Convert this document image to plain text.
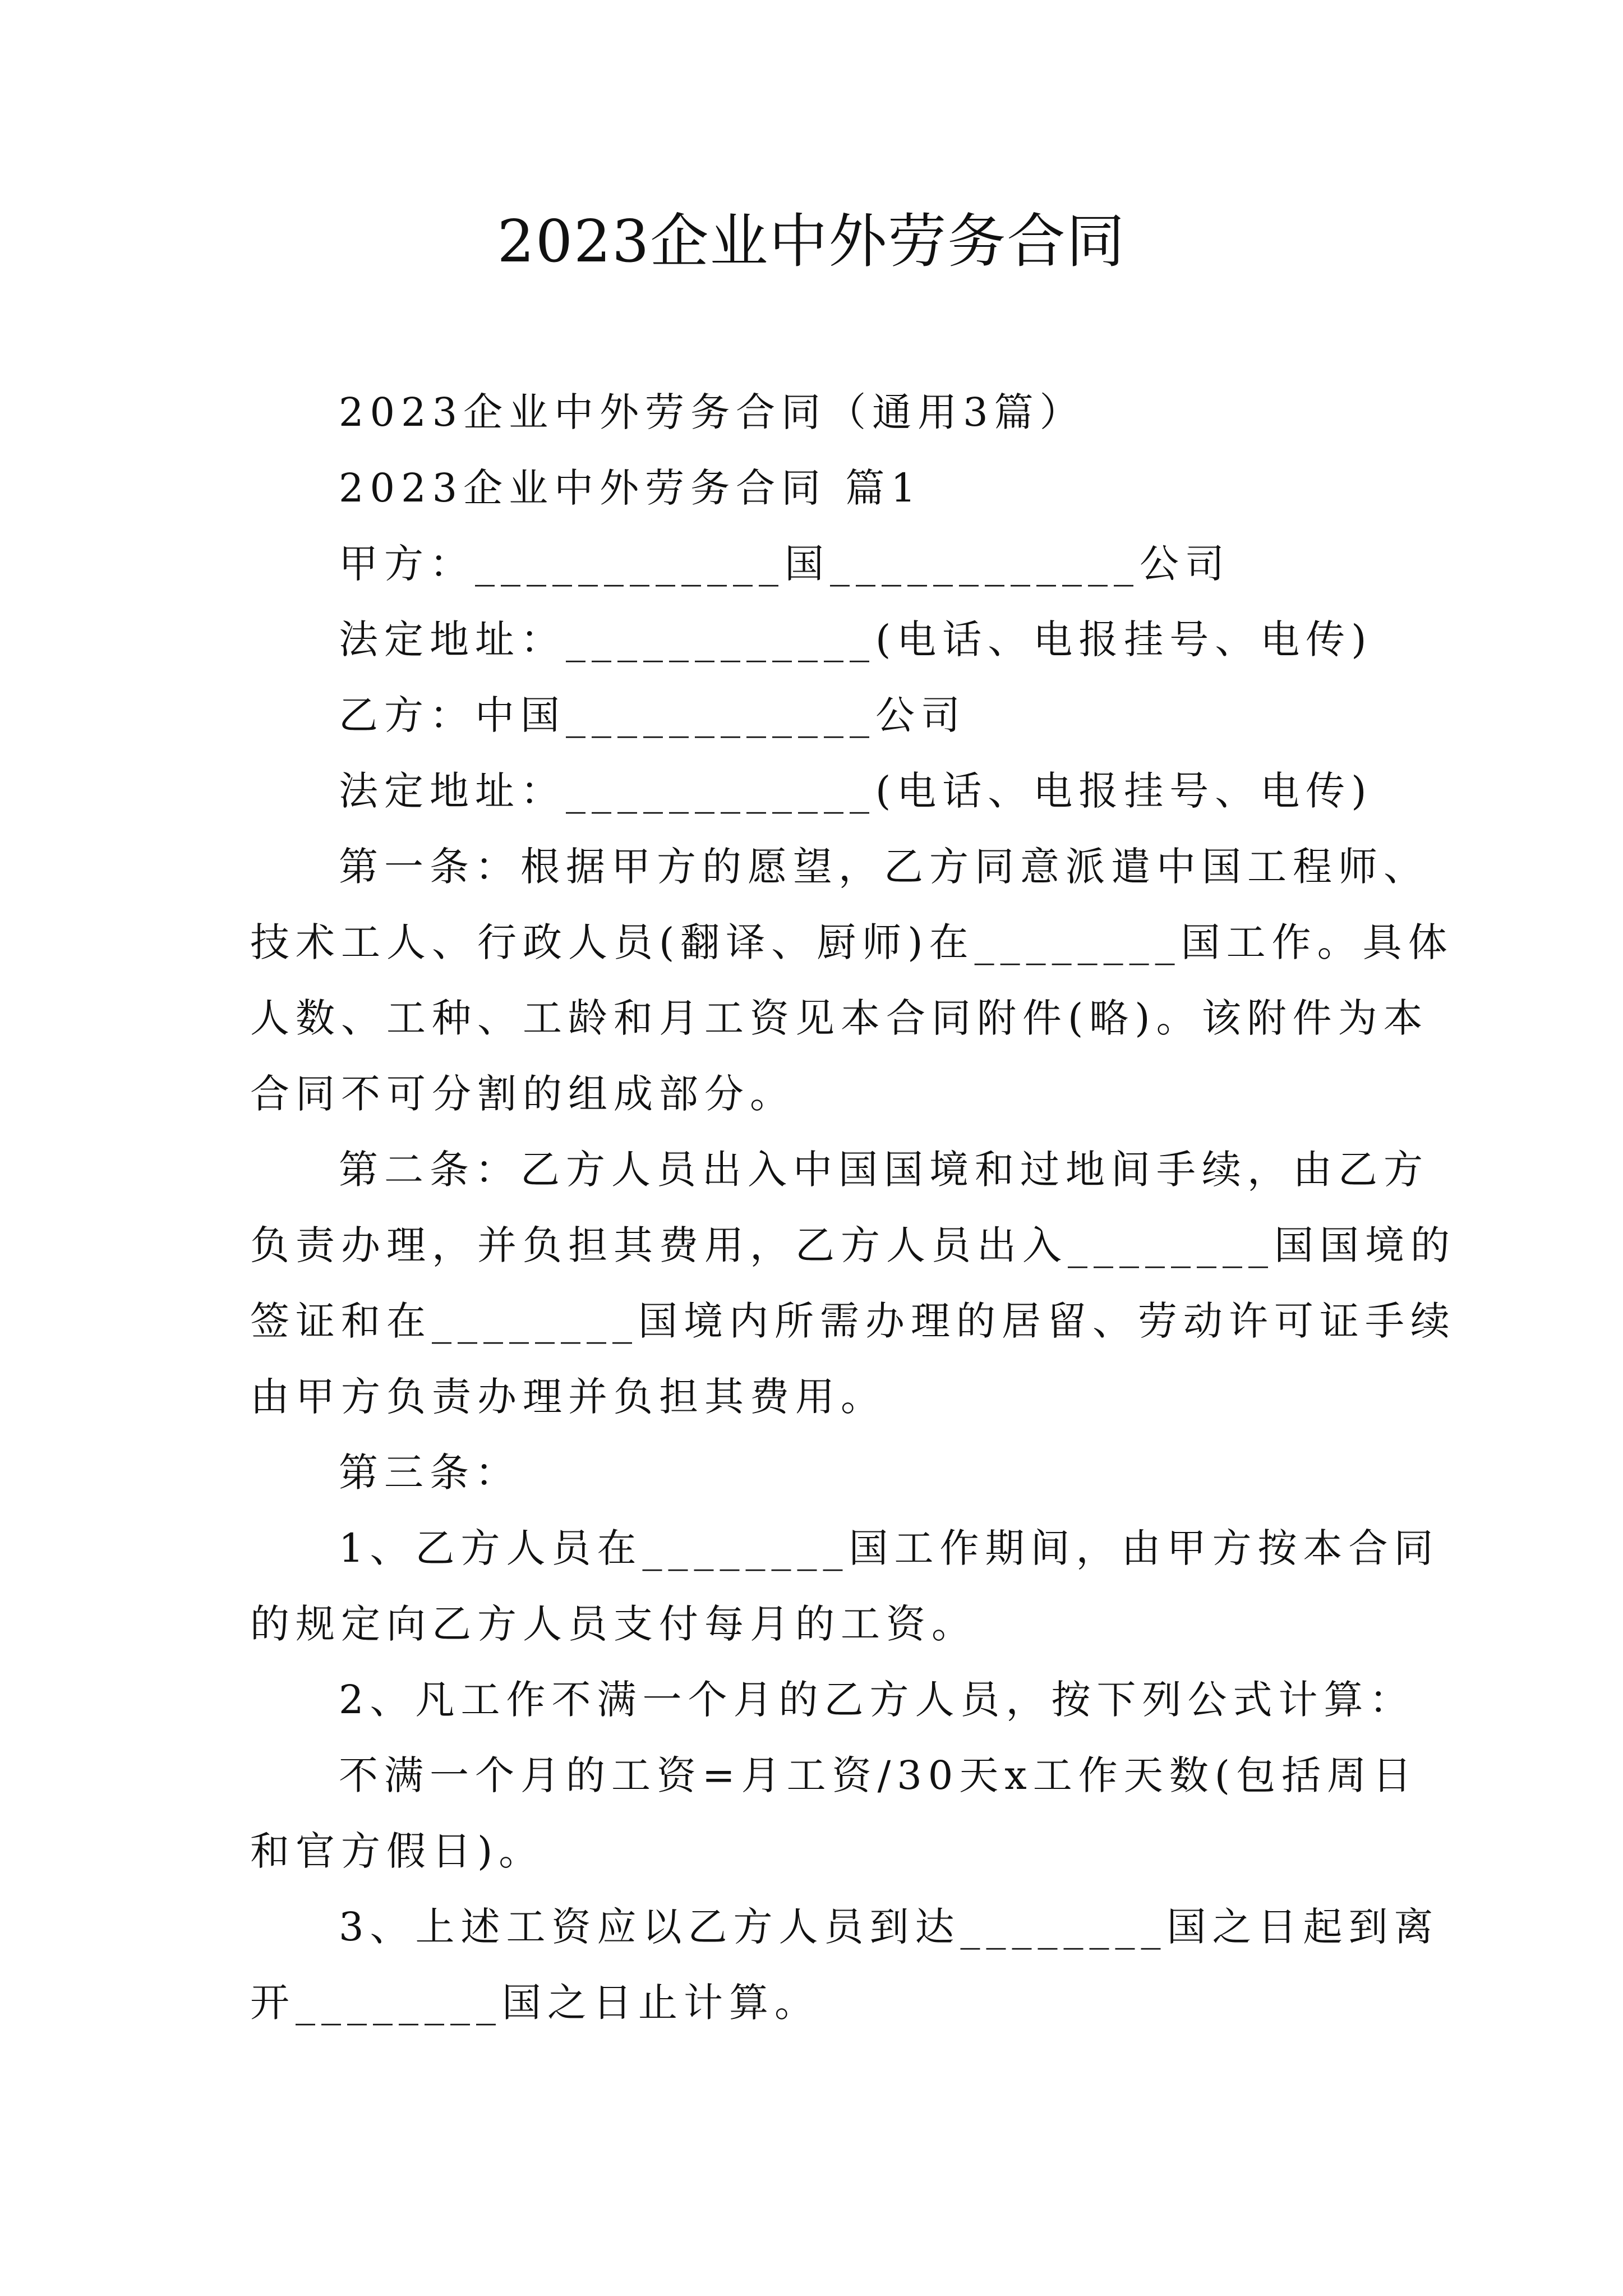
2023企业中外劳务合同
2023企业中外劳务合同（通用3篇）
2023企业中外劳务合同 篇1
甲方：____________国____________公司
法定地址：____________(电话、电报挂号、电传)
乙方：中国____________公司
法定地址：____________(电话、电报挂号、电传)
第一条：根据甲方的愿望，乙方同意派遣中国工程师、
技术工人、行政人员(翻译、厨师)在________国工作。具体
人数、工种、工龄和月工资见本合同附件(略)。该附件为本
合同不可分割的组成部分。
第二条：乙方人员出入中国国境和过地间手续，由乙方
负责办理，并负担其费用，乙方人员出入________国国境的
签证和在________国境内所需办理的居留、劳动许可证手续
由甲方负责办理并负担其费用。
第三条：
1、乙方人员在________国工作期间，由甲方按本合同
的规定向乙方人员支付每月的工资。
2、凡工作不满一个月的乙方人员，按下列公式计算：
不满一个月的工资=月工资/30天x工作天数(包括周日
和官方假日)。
3、上述工资应以乙方人员到达________国之日起到离
开________国之日止计算。
